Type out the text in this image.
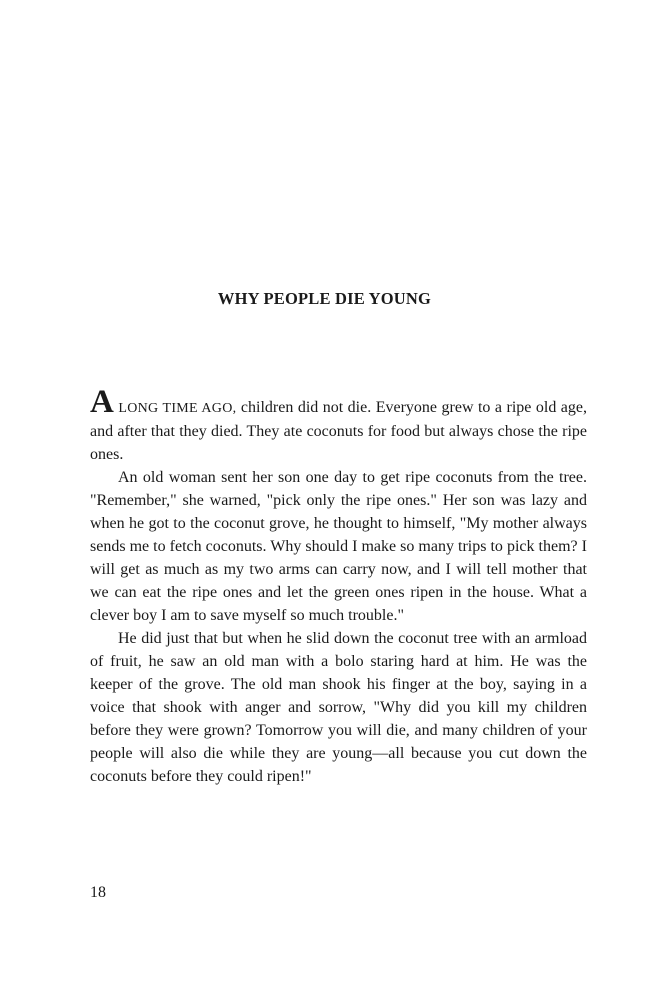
WHY PEOPLE DIE YOUNG

A LONG TIME AGO, children did not die. Everyone grew to a ripe old age, and after that they died. They ate coconuts for food but always chose the ripe ones.

An old woman sent her son one day to get ripe coconuts from the tree. "Remember," she warned, "pick only the ripe ones." Her son was lazy and when he got to the coconut grove, he thought to himself, "My mother always sends me to fetch coconuts. Why should I make so many trips to pick them? I will get as much as my two arms can carry now, and I will tell mother that we can eat the ripe ones and let the green ones ripen in the house. What a clever boy I am to save myself so much trouble."

He did just that but when he slid down the coconut tree with an armload of fruit, he saw an old man with a bolo staring hard at him. He was the keeper of the grove. The old man shook his finger at the boy, saying in a voice that shook with anger and sorrow, "Why did you kill my children before they were grown? Tomorrow you will die, and many children of your people will also die while they are young—all because you cut down the coconuts before they could ripen!"

18
